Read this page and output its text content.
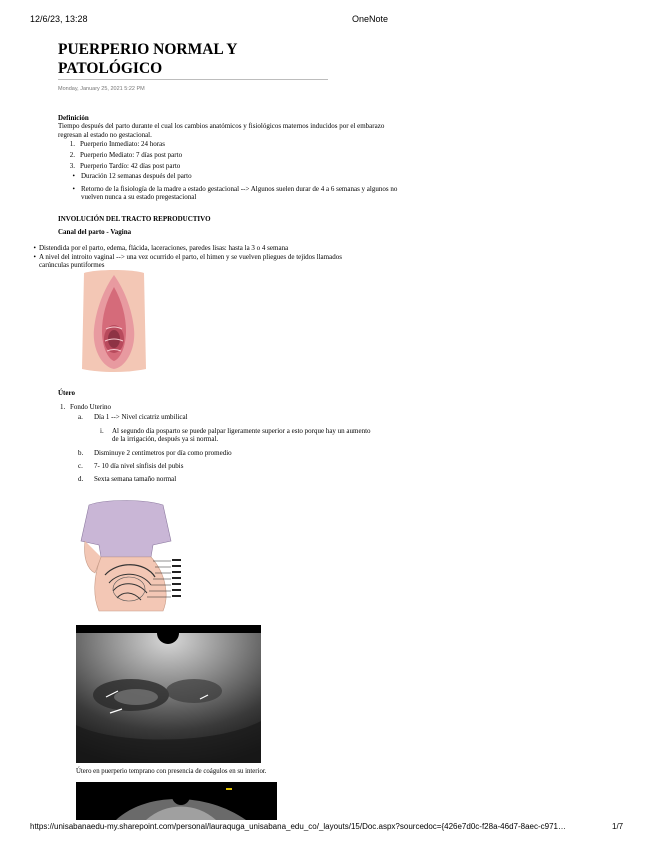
12/6/23, 13:28	OneNote
PUERPERIO NORMAL Y PATOLÓGICO
Monday, January 25, 2021 5:22 PM

Definición

Tiempo después del parto durante el cual los cambios anatómicos y fisiológicos maternos inducidos por el embarazo regresan al estado no gestacional.

1. Puerperio Inmediato: 24 horas
2. Puerperio Mediato: 7 días post parto
3. Puerperio Tardío: 42 días post parto
• Duración 12 semanas después del parto
• Retorno de la fisiología de la madre a estado gestacional --> Algunos suelen durar de 4 a 6 semanas y algunos no vuelven nunca a su estado pregestacional

INVOLUCIÓN DEL TRACTO REPRODUCTIVO

Canal del parto - Vagina

• Distendida por el parto, edema, flácida, laceraciones, paredes lisas: hasta la 3 o 4 semana
• A nivel del introito vaginal --> una vez ocurrido el parto, el himen y se vuelven pliegues de tejidos llamados carúnculas puntiformes

Útero

1. Fondo Uterino
a.	Día 1 --> Nivel cicatriz umbilical
i.	Al segundo día posparto se puede palpar ligeramente superior a esto porque hay un aumento de la irrigación, después ya si normal.
b.	Disminuye 2 centímetros por día como promedio
c.	7- 10 día nivel sínfisis del pubis
d.	Sexta semana tamaño normal
Útero en puerperio temprano con presencia de coágulos en su interior.
https://unisabanaedu-my.sharepoint.com/personal/lauraquga_unisabana_edu_co/_layouts/15/Doc.aspx?sourcedoc={426e7d0c-f28a-46d7-8aec-c971…	1/7
